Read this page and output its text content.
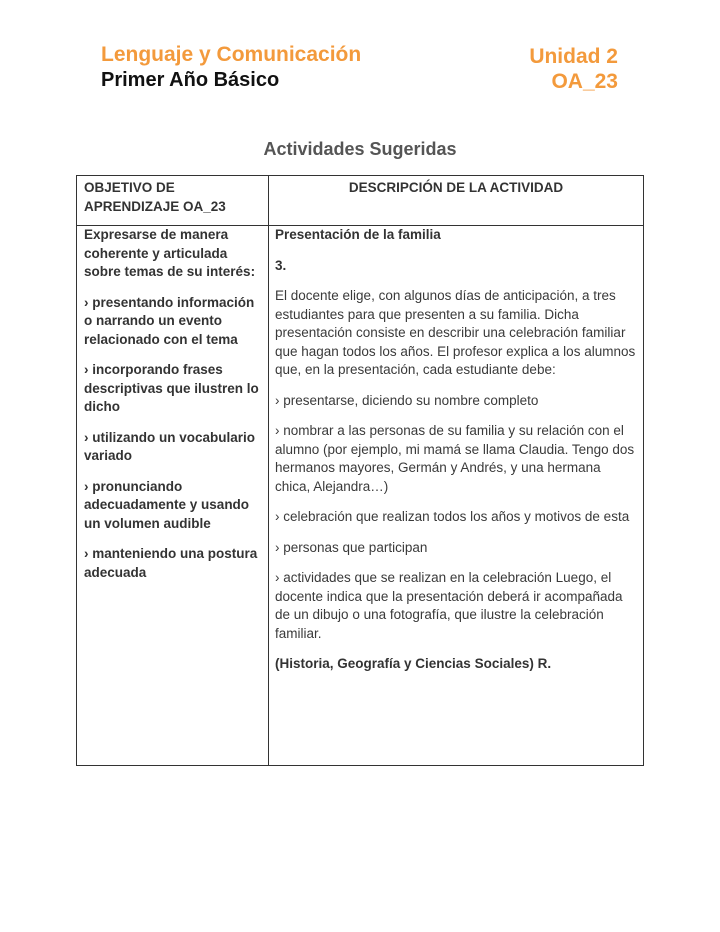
Lenguaje y Comunicación
Primer Año Básico
Unidad 2
OA_23
Actividades Sugeridas
OBJETIVO DE APRENDIZAJE OA_23
DESCRIPCIÓN DE LA ACTIVIDAD

Expresarse de manera coherente y articulada sobre temas de su interés:

› presentando información o narrando un evento relacionado con el tema

› incorporando frases descriptivas que ilustren lo dicho

› utilizando un vocabulario variado

› pronunciando adecuadamente y usando un volumen audible

› manteniendo una postura adecuada

Presentación de la familia

3.

El docente elige, con algunos días de anticipación, a tres estudiantes para que presenten a su familia. Dicha presentación consiste en describir una celebración familiar que hagan todos los años. El profesor explica a los alumnos que, en la presentación, cada estudiante debe:

› presentarse, diciendo su nombre completo

› nombrar a las personas de su familia y su relación con el alumno (por ejemplo, mi mamá se llama Claudia. Tengo dos hermanos mayores, Germán y Andrés, y una hermana chica, Alejandra…)

› celebración que realizan todos los años y motivos de esta

› personas que participan

› actividades que se realizan en la celebración Luego, el docente indica que la presentación deberá ir acompañada de un dibujo o una fotografía, que ilustre la celebración familiar.

(Historia, Geografía y Ciencias Sociales) R.
